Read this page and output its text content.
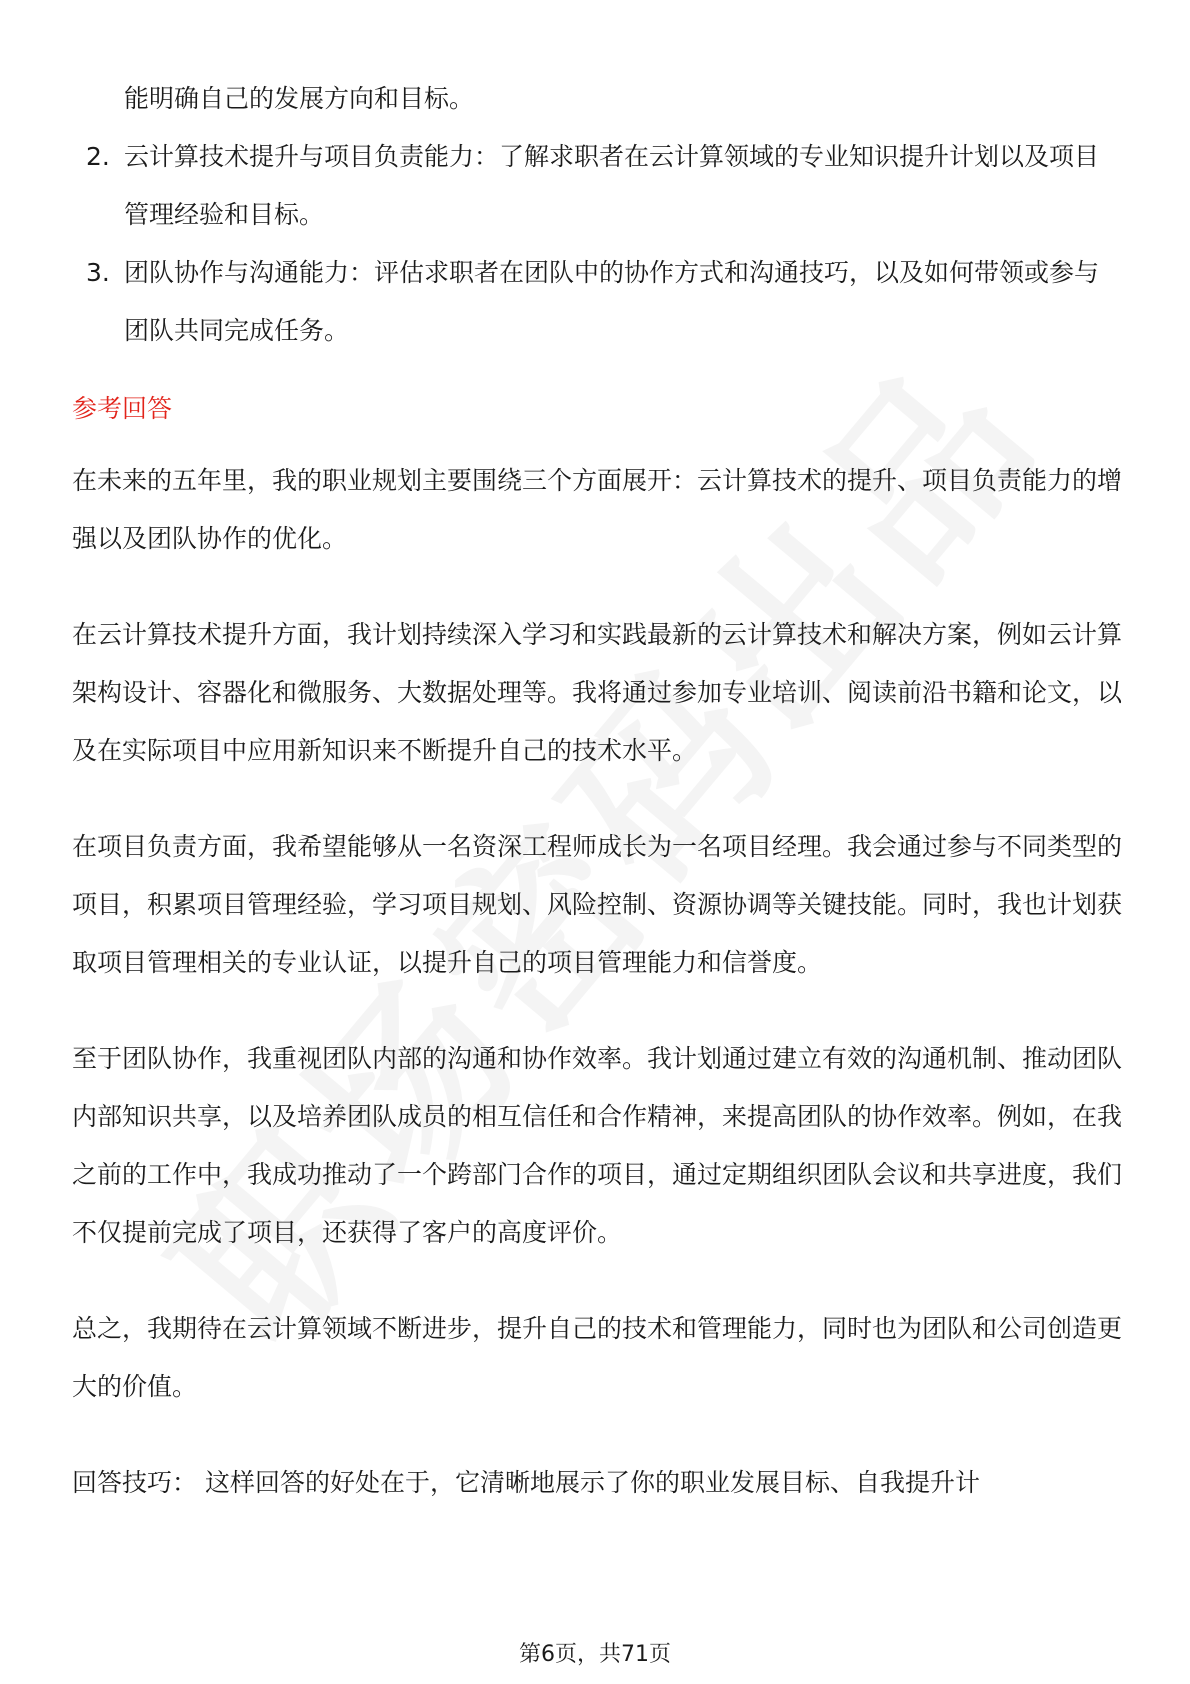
能明确自己的发展方向和目标。
2. 云计算技术提升与项目负责能力：了解求职者在云计算领域的专业知识提升计划以及项目管理经验和目标。
3. 团队协作与沟通能力：评估求职者在团队中的协作方式和沟通技巧，以及如何带领或参与团队共同完成任务。
参考回答

在未来的五年里，我的职业规划主要围绕三个方面展开：云计算技术的提升、项目负责能力的增强以及团队协作的优化。

在云计算技术提升方面，我计划持续深入学习和实践最新的云计算技术和解决方案，例如云计算架构设计、容器化和微服务、大数据处理等。我将通过参加专业培训、阅读前沿书籍和论文，以及在实际项目中应用新知识来不断提升自己的技术水平。

在项目负责方面，我希望能够从一名资深工程师成长为一名项目经理。我会通过参与不同类型的项目，积累项目管理经验，学习项目规划、风险控制、资源协调等关键技能。同时，我也计划获取项目管理相关的专业认证，以提升自己的项目管理能力和信誉度。

至于团队协作，我重视团队内部的沟通和协作效率。我计划通过建立有效的沟通机制、推动团队内部知识共享，以及培养团队成员的相互信任和合作精神，来提高团队的协作效率。例如，在我之前的工作中，我成功推动了一个跨部门合作的项目，通过定期组织团队会议和共享进度，我们不仅提前完成了项目，还获得了客户的高度评价。

总之，我期待在云计算领域不断进步，提升自己的技术和管理能力，同时也为团队和公司创造更大的价值。

回答技巧： 这样回答的好处在于，它清晰地展示了你的职业发展目标、自我提升计

第6页，共71页
